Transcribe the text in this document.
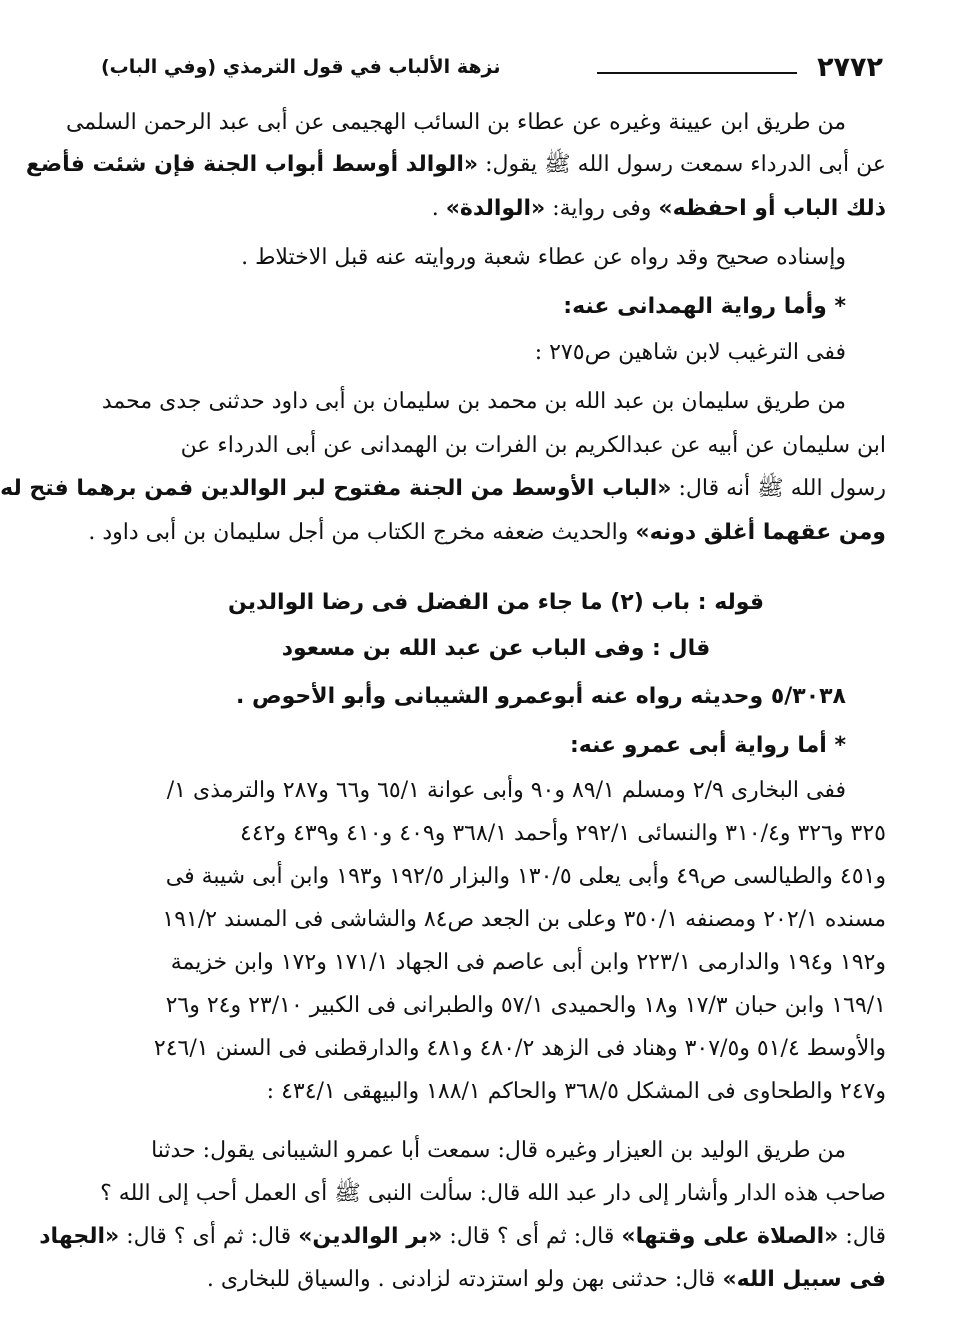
٢٧٧٢
نزهة الألباب في قول الترمذي (وفي الباب)
من طريق ابن عيينة وغيره عن عطاء بن السائب الهجيمى عن أبى عبد الرحمن السلمى
عن أبى الدرداء سمعت رسول الله ﷺ يقول: «الوالد أوسط أبواب الجنة فإن شئت فأضع
ذلك الباب أو احفظه» وفى رواية: «الوالدة» .
وإسناده صحيح وقد رواه عن عطاء شعبة وروايته عنه قبل الاختلاط .
* وأما رواية الهمدانى عنه:
ففى الترغيب لابن شاهين ص٢٧٥ :
من طريق سليمان بن عبد الله بن محمد بن سليمان بن أبى داود حدثنى جدى محمد
ابن سليمان عن أبيه عن عبدالكريم بن الفرات بن الهمدانى عن أبى الدرداء عن
رسول الله ﷺ أنه قال: «الباب الأوسط من الجنة مفتوح لبر الوالدين فمن برهما فتح له
ومن عقهما أغلق دونه» والحديث ضعفه مخرج الكتاب من أجل سليمان بن أبى داود .
قوله : باب (٢) ما جاء من الفضل فى رضا الوالدين
قال : وفى الباب عن عبد الله بن مسعود
٥/٣٠٣٨ وحديثه رواه عنه أبوعمرو الشيبانى وأبو الأحوص .
* أما رواية أبى عمرو عنه:
ففى البخارى ٢/٩ ومسلم ٨٩/١ و٩٠ وأبى عوانة ٦٥/١ و٦٦ و٢٨٧ والترمذى ١/
٣٢٥ و٣٢٦ و٣١٠/٤ والنسائى ٢٩٢/١ وأحمد ٣٦٨/١ و٤٠٩ و٤١٠ و٤٣٩ و٤٤٢
و٤٥١ والطيالسى ص٤٩ وأبى يعلى ١٣٠/٥ والبزار ١٩٢/٥ و١٩٣ وابن أبى شيبة فى
مسنده ٢٠٢/١ ومصنفه ٣٥٠/١ وعلى بن الجعد ص٨٤ والشاشى فى المسند ١٩١/٢
و١٩٢ و١٩٤ والدارمى ٢٢٣/١ وابن أبى عاصم فى الجهاد ١٧١/١ و١٧٢ وابن خزيمة
١٦٩/١ وابن حبان ١٧/٣ و١٨ والحميدى ٥٧/١ والطبرانى فى الكبير ٢٣/١٠ و٢٤ و٢٦
والأوسط ٥١/٤ و٣٠٧/٥ وهناد فى الزهد ٤٨٠/٢ و٤٨١ والدارقطنى فى السنن ٢٤٦/١
و٢٤٧ والطحاوى فى المشكل ٣٦٨/٥ والحاكم ١٨٨/١ والبيهقى ٤٣٤/١ :
من طريق الوليد بن العيزار وغيره قال: سمعت أبا عمرو الشيبانى يقول: حدثنا
صاحب هذه الدار وأشار إلى دار عبد الله قال: سألت النبى ﷺ أى العمل أحب إلى الله ؟
قال: «الصلاة على وقتها» قال: ثم أى ؟ قال: «بر الوالدين» قال: ثم أى ؟ قال: «الجهاد
فى سبيل الله» قال: حدثنى بهن ولو استزدته لزادنى . والسياق للبخارى .
